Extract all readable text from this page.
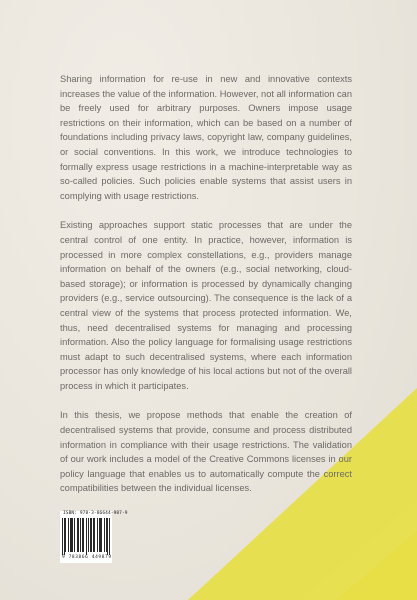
Sharing information for re-use in new and innovative contexts increases the value of the information. However, not all information can be freely used for arbitrary purposes. Owners impose usage restrictions on their information, which can be based on a number of foundations including privacy laws, copyright law, company guidelines, or social conventions. In this work, we introduce technologies to formally express usage restrictions in a machine-interpretable way as so-called policies. Such policies enable systems that assist users in complying with usage restrictions.

Existing approaches support static processes that are under the central control of one entity. In practice, however, information is processed in more complex constellations, e.g., providers manage information on behalf of the owners (e.g., social networking, cloud-based storage); or information is processed by dynamically changing providers (e.g., service outsourcing). The consequence is the lack of a central view of the systems that process protected information. We, thus, need decentralised systems for managing and processing information. Also the policy language for formalising usage restrictions must adapt to such decentralised systems, where each information processor has only knowledge of his local actions but not of the overall process in which it participates.

In this thesis, we propose methods that enable the creation of decentralised systems that provide, consume and process distributed information in compliance with their usage restrictions. The validation of our work includes a model of the Creative Commons licenses in our policy language that enables us to automatically compute the correct compatibilities between the individual licenses.

ISBN: 978-3-86644-987-9
9 783866 449879
